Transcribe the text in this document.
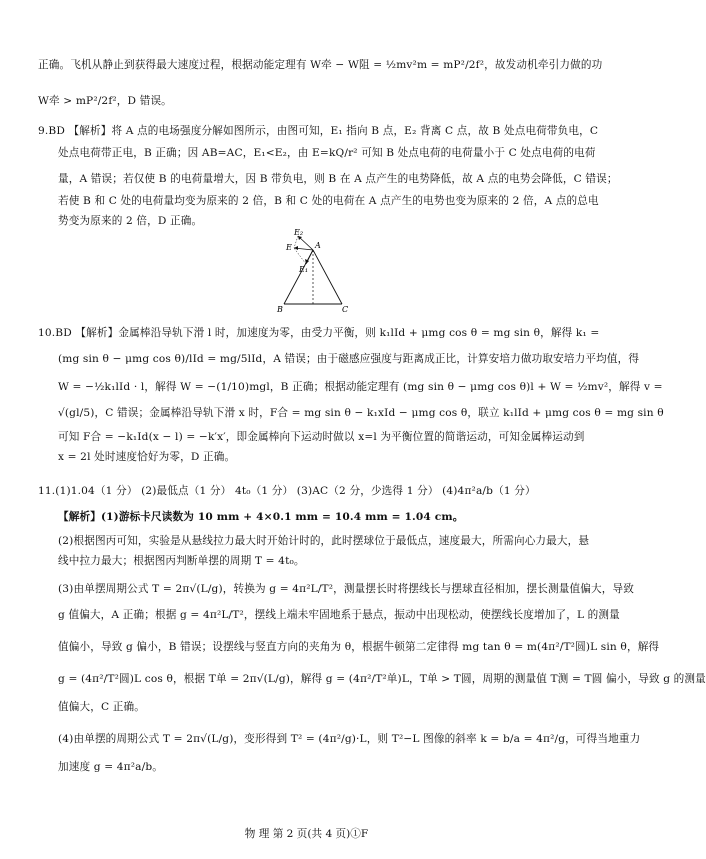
正确。飞机从静止到获得最大速度过程，根据动能定理有 W牵 − W阻 = ½mv²m = mP²/2f²，故发动机牵引力做的功
W牵 > mP²/2f²，D 错误。
9.BD 【解析】将 A 点的电场强度分解如图所示，由图可知，E₁ 指向 B 点，E₂ 背离 C 点，故 B 处点电荷带负电，C
处点电荷带正电，B 正确；因 AB=AC，E₁<E₂，由 E=kQ/r² 可知 B 处点电荷的电荷量小于 C 处点电荷的电荷
量，A 错误；若仅使 B 的电荷量增大，因 B 带负电，则 B 在 A 点产生的电势降低，故 A 点的电势会降低，C 错误；
若使 B 和 C 处的电荷量均变为原来的 2 倍，B 和 C 处的电荷在 A 点产生的电势也变为原来的 2 倍，A 点的总电
势变为原来的 2 倍，D 正确。
E₂
E
E₁
A
B	C
10.BD 【解析】金属棒沿导轨下滑 l 时，加速度为零，由受力平衡，则 k₁lId + μmg cos θ = mg sin θ，解得 k₁ =
(mg sin θ − μmg cos θ)/lId = mg/5lId，A 错误；由于磁感应强度与距离成正比，计算安培力做功取安培力平均值，得
W = −½k₁lId · l，解得 W = −(1/10)mgl，B 正确；根据动能定理有 (mg sin θ − μmg cos θ)l + W = ½mv²，解得 v =
√(gl/5)，C 错误；金属棒沿导轨下滑 x 时，F合 = mg sin θ − k₁xId − μmg cos θ，联立 k₁lId + μmg cos θ = mg sin θ
可知 F合 = −k₁Id(x − l) = −k′x′，即金属棒向下运动时做以 x=l 为平衡位置的简谐运动，可知金属棒运动到
x = 2l 处时速度恰好为零，D 正确。
11.(1)1.04（1 分） (2)最低点（1 分） 4t₀（1 分） (3)AC（2 分，少选得 1 分） (4)4π²a/b（1 分）
【解析】(1)游标卡尺读数为 10 mm + 4×0.1 mm = 10.4 mm = 1.04 cm。
(2)根据图丙可知，实验是从悬线拉力最大时开始计时的，此时摆球位于最低点，速度最大，所需向心力最大，悬
线中拉力最大；根据图丙判断单摆的周期 T = 4t₀。
(3)由单摆周期公式 T = 2π√(L/g)，转换为 g = 4π²L/T²，测量摆长时将摆线长与摆球直径相加，摆长测量值偏大，导致
g 值偏大，A 正确；根据 g = 4π²L/T²，摆线上端未牢固地系于悬点，振动中出现松动，使摆线长度增加了，L 的测量
值偏小，导致 g 偏小，B 错误；设摆线与竖直方向的夹角为 θ，根据牛顿第二定律得 mg tan θ = m(4π²/T²圆)L sin θ，解得
g = (4π²/T²圆)L cos θ，根据 T单 = 2π√(L/g)，解得 g = (4π²/T²单)L，T单 > T圆，周期的测量值 T测 = T圆 偏小，导致 g 的测量
值偏大，C 正确。
(4)由单摆的周期公式 T = 2π√(L/g)，变形得到 T² = (4π²/g)·L，则 T²−L 图像的斜率 k = b/a = 4π²/g，可得当地重力
加速度 g = 4π²a/b。
物 理 第 2 页(共 4 页)①F
